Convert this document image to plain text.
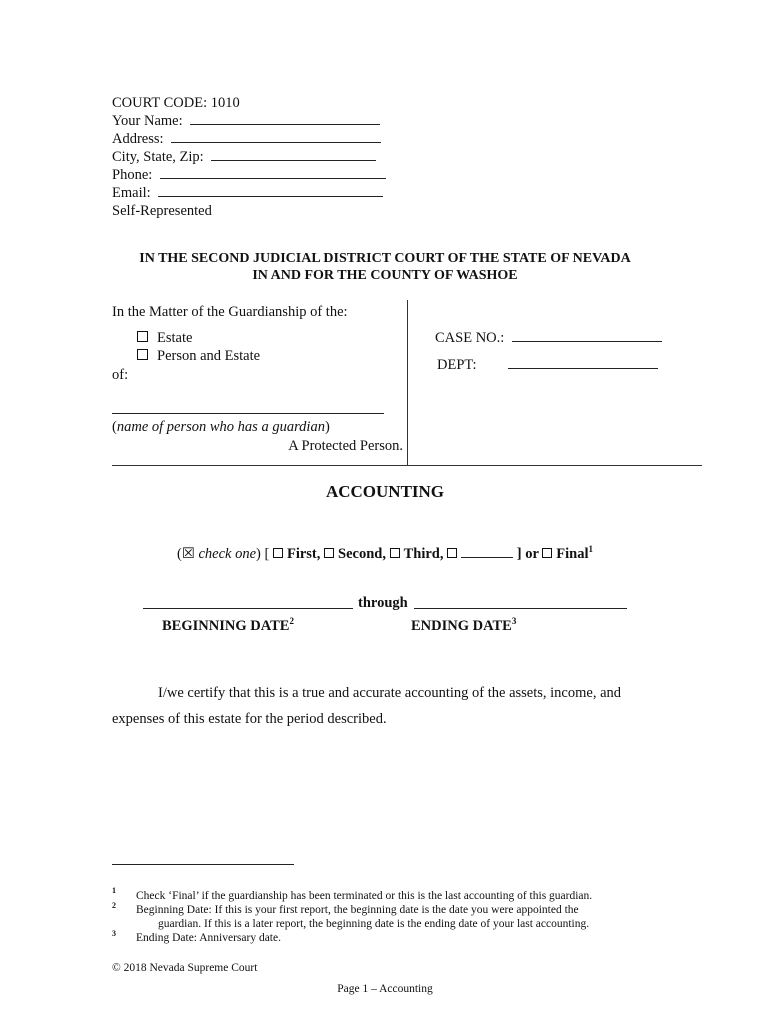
COURT CODE: 1010
Your Name:
Address:
City, State, Zip:
Phone:
Email:
Self-Represented
IN THE SECOND JUDICIAL DISTRICT COURT OF THE STATE OF NEVADA
IN AND FOR THE COUNTY OF WASHOE
In the Matter of the Guardianship of the:
Estate
Person and Estate
of:
(name of person who has a guardian)
A Protected Person.
CASE NO.:
DEPT:
ACCOUNTING
(☒ check one) [ First, Second, Third,	] or Final$^1$
through
BEGINNING DATE$^2$	ENDING DATE$^3$
I/we certify that this is a true and accurate accounting of the assets, income, and
expenses of this estate for the period described.
1 Check ‘Final’ if the guardianship has been terminated or this is the last accounting of this guardian.
2 Beginning Date: If this is your first report, the beginning date is the date you were appointed the
guardian. If this is a later report, the beginning date is the ending date of your last accounting.
3 Ending Date: Anniversary date.
© 2018 Nevada Supreme Court
Page 1 – Accounting
